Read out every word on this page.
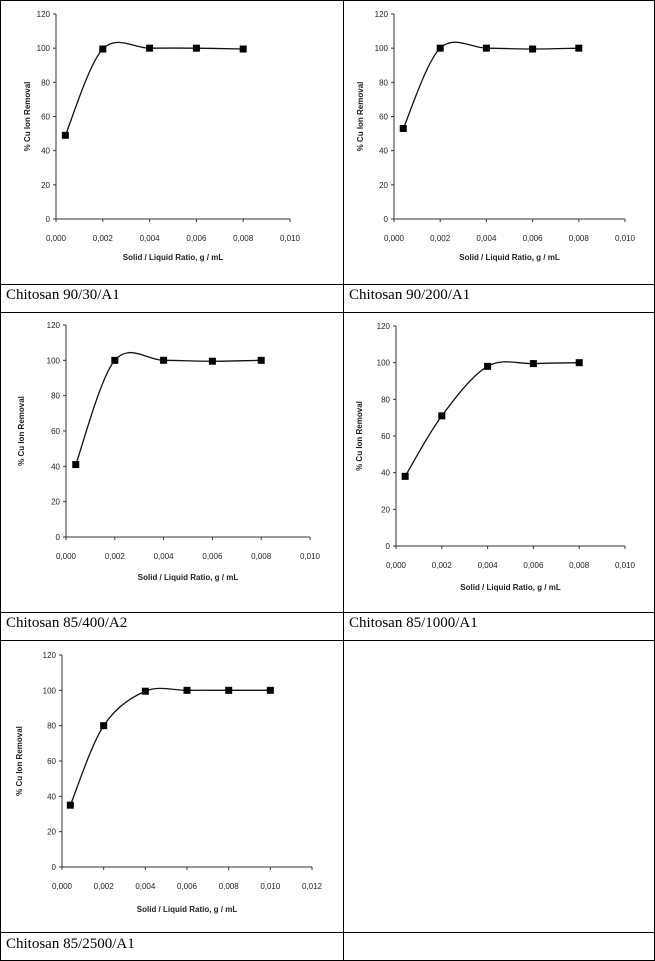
Chitosan 90/30/A1	Chitosan 90/200/A1
Chitosan 85/400/A2	Chitosan 85/1000/A1
Chitosan 85/2500/A1
0
20
40
60
80
100
120
0,000	0,002	0,004	0,006	0,008	0,010
Solid / Liquid Ratio, g / mL
% Cu Ion Removal
0
20
40
60
80
100
120
0,000	0,002	0,004	0,006	0,008	0,010
Solid / Liquid Ratio, g / mL
% Cu Ion Removal
0
20
40
60
80
100
120
0,000	0,002	0,004	0,006	0,008	0,010
Solid / Liquid Ratio, g / mL
% Cu Ion Removal
0
20
40
60
80
100
120
0,000	0,002	0,004	0,006	0,008	0,010
Solid / Liquid Ratio, g / mL
% Cu Ion Removal
0
20
40
60
80
100
120
0,000	0,002	0,004	0,006	0,008	0,010	0,012
Solid / Liquid Ratio, g / mL
% Cu Ion Removal
